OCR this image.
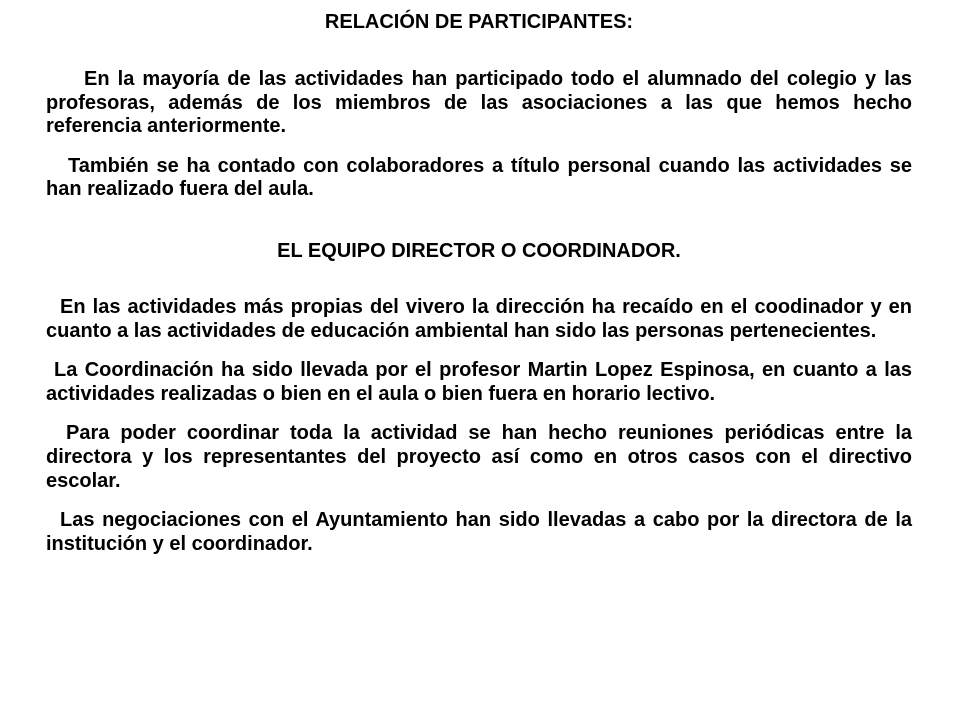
RELACIÓN DE PARTICIPANTES:

En la mayoría de las actividades han participado todo el alumnado del colegio y las profesoras, además de los miembros de las asociaciones a las que hemos hecho referencia anteriormente.

También se ha contado con colaboradores a título personal cuando las actividades se han realizado fuera del aula.

EL EQUIPO DIRECTOR O COORDINADOR.

En las actividades más propias del vivero la dirección ha recaído en el coodinador y en cuanto a las actividades de educación ambiental han sido las personas pertenecientes.

La Coordinación ha sido llevada por el profesor Martin Lopez Espinosa, en cuanto a las actividades realizadas o bien en el aula o bien fuera en horario lectivo.

Para poder coordinar toda la actividad se han hecho reuniones periódicas entre la directora y los representantes del proyecto así como en otros casos con el directivo escolar.

Las negociaciones con el Ayuntamiento han sido llevadas a cabo por la directora de la institución y el coordinador.
